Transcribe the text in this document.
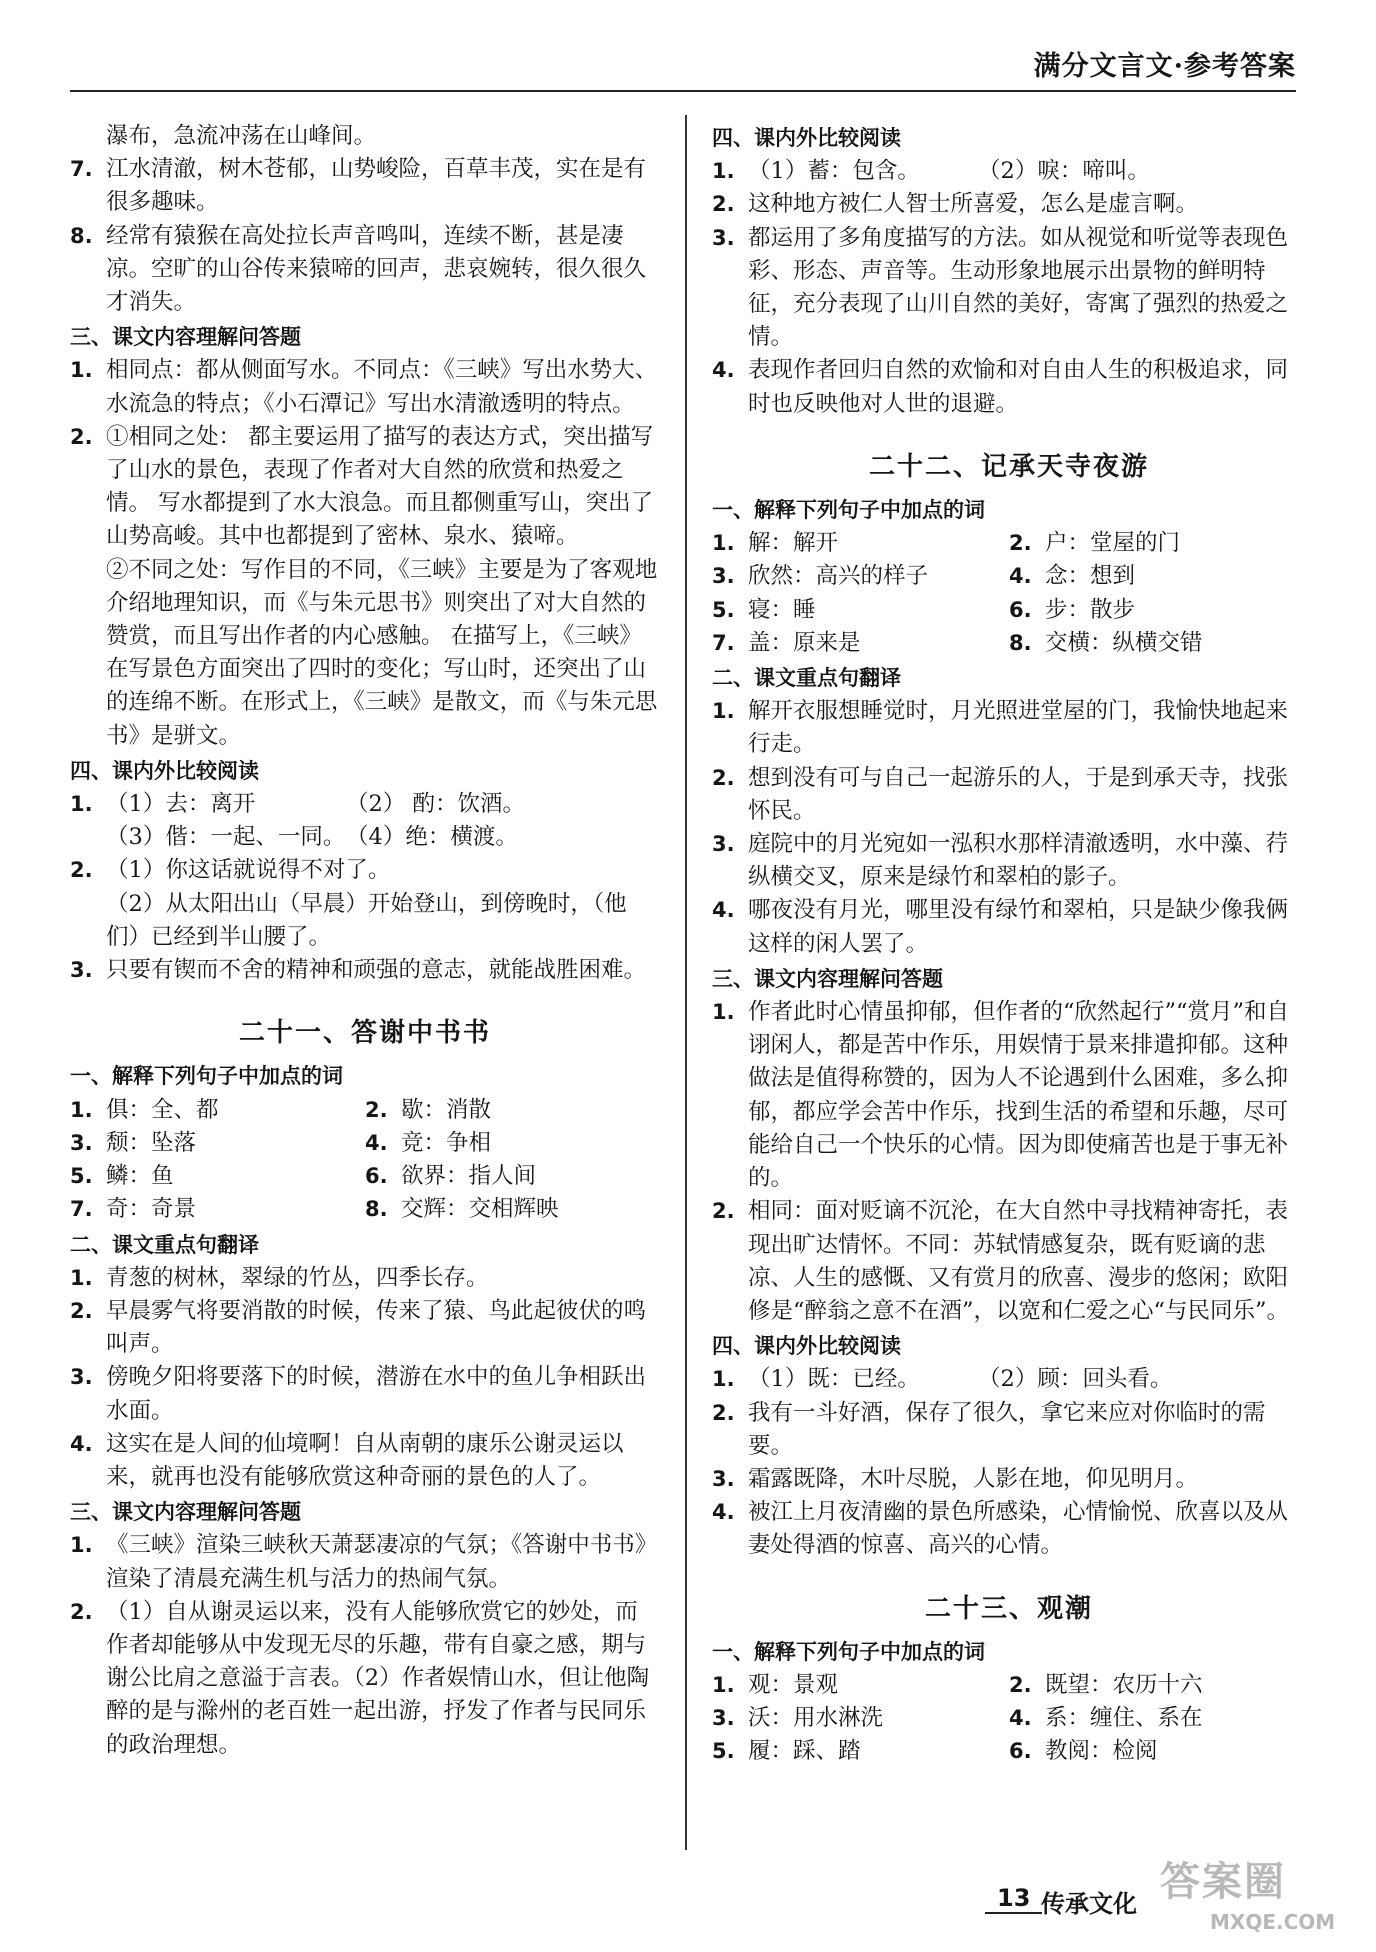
满分文言文·参考答案
瀑布，急流冲荡在山峰间。
7. 江水清澈，树木苍郁，山势峻险，百草丰茂，实在是有很多趣味。
8. 经常有猿猴在高处拉长声音鸣叫，连续不断，甚是凄凉。空旷的山谷传来猿啼的回声，悲哀婉转，很久很久才消失。
三、课文内容理解问答题
1. 相同点：都从侧面写水。不同点：《三峡》写出水势大、水流急的特点；《小石潭记》写出水清澈透明的特点。
2. ①相同之处： 都主要运用了描写的表达方式，突出描写了山水的景色，表现了作者对大自然的欣赏和热爱之情。 写水都提到了水大浪急。而且都侧重写山，突出了山势高峻。其中也都提到了密林、泉水、猿啼。
②不同之处：写作目的不同，《三峡》主要是为了客观地介绍地理知识，而《与朱元思书》则突出了对大自然的赞赏，而且写出作者的内心感触。 在描写上，《三峡》在写景色方面突出了四时的变化；写山时，还突出了山的连绵不断。在形式上，《三峡》是散文，而《与朱元思书》是骈文。
四、课内外比较阅读
1. （1）去：离开	（2） 酌：饮酒。
（3）偕：一起、一同。 （4）绝：横渡。
2. （1）你这话就说得不对了。
（2）从太阳出山（早晨）开始登山，到傍晚时，（他们）已经到半山腰了。
3. 只要有锲而不舍的精神和顽强的意志，就能战胜困难。
二十一、答谢中书书
一、解释下列句子中加点的词
1. 俱：全、都	2. 歇：消散
3. 颓：坠落	4. 竞：争相
5. 鳞：鱼	6. 欲界：指人间
7. 奇：奇景	8. 交辉：交相辉映
二、课文重点句翻译
1. 青葱的树林，翠绿的竹丛，四季长存。
2. 早晨雾气将要消散的时候，传来了猿、鸟此起彼伏的鸣叫声。
3. 傍晚夕阳将要落下的时候，潜游在水中的鱼儿争相跃出水面。
4. 这实在是人间的仙境啊！自从南朝的康乐公谢灵运以来，就再也没有能够欣赏这种奇丽的景色的人了。
三、课文内容理解问答题
1. 《三峡》渲染三峡秋天萧瑟凄凉的气氛；《答谢中书书》渲染了清晨充满生机与活力的热闹气氛。
2. （1）自从谢灵运以来，没有人能够欣赏它的妙处，而作者却能够从中发现无尽的乐趣，带有自豪之感，期与谢公比肩之意溢于言表。（2）作者娱情山水，但让他陶醉的是与滁州的老百姓一起出游，抒发了作者与民同乐的政治理想。
四、课内外比较阅读
1. （1）蓄：包含。	（2）唳：啼叫。
2. 这种地方被仁人智士所喜爱，怎么是虚言啊。
3. 都运用了多角度描写的方法。如从视觉和听觉等表现色彩、形态、声音等。生动形象地展示出景物的鲜明特征，充分表现了山川自然的美好，寄寓了强烈的热爱之情。
4. 表现作者回归自然的欢愉和对自由人生的积极追求，同时也反映他对人世的退避。
二十二、记承天寺夜游
一、解释下列句子中加点的词
1. 解：解开	2. 户：堂屋的门
3. 欣然：高兴的样子	4. 念：想到
5. 寝：睡	6. 步：散步
7. 盖：原来是	8. 交横：纵横交错
二、课文重点句翻译
1. 解开衣服想睡觉时，月光照进堂屋的门，我愉快地起来行走。
2. 想到没有可与自己一起游乐的人，于是到承天寺，找张怀民。
3. 庭院中的月光宛如一泓积水那样清澈透明，水中藻、荇纵横交叉，原来是绿竹和翠柏的影子。
4. 哪夜没有月光，哪里没有绿竹和翠柏，只是缺少像我俩这样的闲人罢了。
三、课文内容理解问答题
1. 作者此时心情虽抑郁，但作者的“欣然起行”“赏月”和自诩闲人，都是苦中作乐，用娱情于景来排遣抑郁。这种做法是值得称赞的，因为人不论遇到什么困难，多么抑郁，都应学会苦中作乐，找到生活的希望和乐趣，尽可能给自己一个快乐的心情。因为即使痛苦也是于事无补的。
2. 相同：面对贬谪不沉沦，在大自然中寻找精神寄托，表现出旷达情怀。不同：苏轼情感复杂，既有贬谪的悲凉、人生的感慨、又有赏月的欣喜、漫步的悠闲；欧阳修是“醉翁之意不在酒”，以宽和仁爱之心“与民同乐”。
四、课内外比较阅读
1. （1）既：已经。	（2）顾：回头看。
2. 我有一斗好酒，保存了很久，拿它来应对你临时的需要。
3. 霜露既降，木叶尽脱，人影在地，仰见明月。
4. 被江上月夜清幽的景色所感染，心情愉悦、欣喜以及从妻处得酒的惊喜、高兴的心情。
二十三、观潮
一、解释下列句子中加点的词
1. 观：景观	2. 既望：农历十六
3. 沃：用水淋洗	4. 系：缠住、系在
5. 履：踩、踏	6. 教阅：检阅
13 传承文化 答案圈
MXQE.COM
